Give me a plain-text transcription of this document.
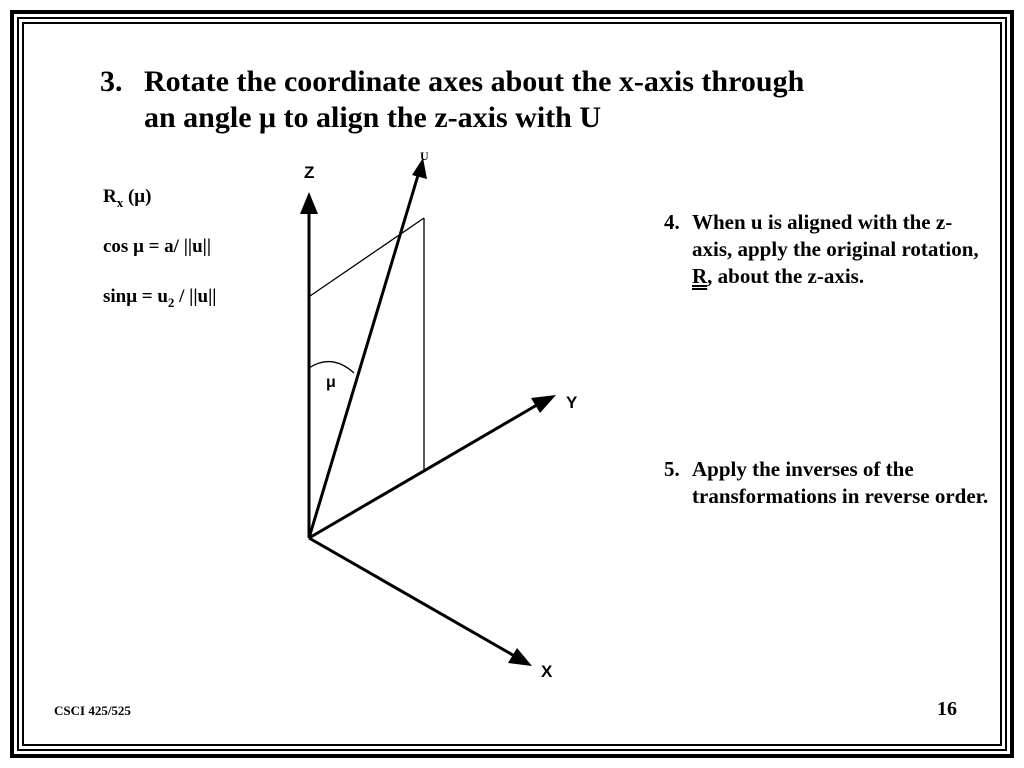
3. Rotate the coordinate axes about the x-axis through
an angle μ to align the z-axis with U
$R_x$ (μ)
cos μ = a/ ||u||
$\sin\mu = u_2 / ||u||$
Z
Y
X
U
μ
4. When u is aligned with the z-axis, apply the original rotation, R, about the z-axis.
5. Apply the inverses of the transformations in reverse order.
CSCI 425/525	16
